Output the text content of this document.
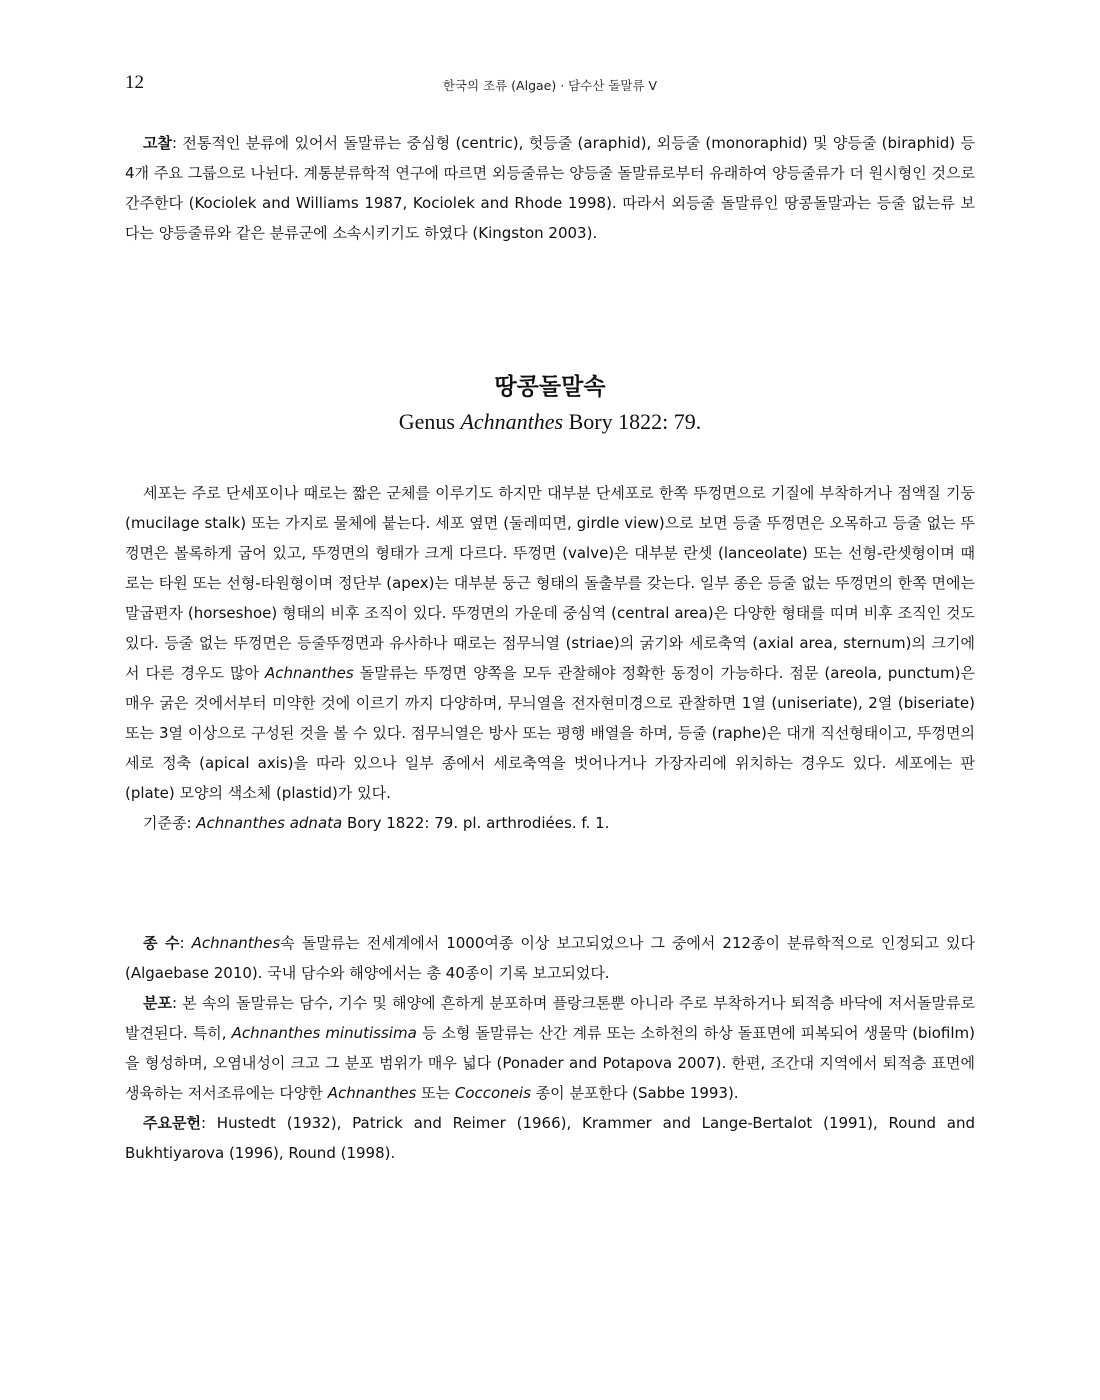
12	한국의 조류 (Algae) · 담수산 돌말류 V

고찰: 전통적인 분류에 있어서 돌말류는 중심형 (centric), 헛등줄 (araphid), 외등줄 (monoraphid) 및 양등줄 (biraphid) 등 4개 주요 그룹으로 나뉜다. 계통분류학적 연구에 따르면 외등줄류는 양등줄 돌말류로부터 유래하여 양등줄류가 더 원시형인 것으로 간주한다 (Kociolek and Williams 1987, Kociolek and Rhode 1998). 따라서 외등줄 돌말류인 땅콩돌말과는 등줄 없는류 보다는 양등줄류와 같은 분류군에 소속시키기도 하였다 (Kingston 2003).

땅콩돌말속
Genus Achnanthes Bory 1822: 79.

세포는 주로 단세포이나 때로는 짧은 군체를 이루기도 하지만 대부분 단세포로 한쪽 뚜껑면으로 기질에 부착하거나 점액질 기둥 (mucilage stalk) 또는 가지로 물체에 붙는다. 세포 옆면 (둘레띠면, girdle view)으로 보면 등줄 뚜껑면은 오목하고 등줄 없는 뚜껑면은 볼록하게 굽어 있고, 뚜껑면의 형태가 크게 다르다. 뚜껑면 (valve)은 대부분 란셋 (lanceolate) 또는 선형-란셋형이며 때로는 타원 또는 선형-타원형이며 정단부 (apex)는 대부분 둥근 형태의 돌출부를 갖는다. 일부 종은 등줄 없는 뚜껑면의 한쪽 면에는 말굽편자 (horseshoe) 형태의 비후 조직이 있다. 뚜껑면의 가운데 중심역 (central area)은 다양한 형태를 띠며 비후 조직인 것도 있다. 등줄 없는 뚜껑면은 등줄뚜껑면과 유사하나 때로는 점무늬열 (striae)의 굵기와 세로축역 (axial area, sternum)의 크기에서 다른 경우도 많아 Achnanthes 돌말류는 뚜껑면 양쪽을 모두 관찰해야 정확한 동정이 가능하다. 점문 (areola, punctum)은 매우 굵은 것에서부터 미약한 것에 이르기 까지 다양하며, 무늬열을 전자현미경으로 관찰하면 1열 (uniseriate), 2열 (biseriate) 또는 3열 이상으로 구성된 것을 볼 수 있다. 점무늬열은 방사 또는 평행 배열을 하며, 등줄 (raphe)은 대개 직선형태이고, 뚜껑면의 세로 정축 (apical axis)을 따라 있으나 일부 종에서 세로축역을 벗어나거나 가장자리에 위치하는 경우도 있다. 세포에는 판 (plate) 모양의 색소체 (plastid)가 있다.

기준종: Achnanthes adnata Bory 1822: 79. pl. arthrodiées. f. 1.

종 수: Achnanthes속 돌말류는 전세계에서 1000여종 이상 보고되었으나 그 중에서 212종이 분류학적으로 인정되고 있다 (Algaebase 2010). 국내 담수와 해양에서는 총 40종이 기록 보고되었다.

분포: 본 속의 돌말류는 담수, 기수 및 해양에 흔하게 분포하며 플랑크톤뿐 아니라 주로 부착하거나 퇴적층 바닥에 저서돌말류로 발견된다. 특히, Achnanthes minutissima 등 소형 돌말류는 산간 계류 또는 소하천의 하상 돌표면에 피복되어 생물막 (biofilm)을 형성하며, 오염내성이 크고 그 분포 범위가 매우 넓다 (Ponader and Potapova 2007). 한편, 조간대 지역에서 퇴적층 표면에 생육하는 저서조류에는 다양한 Achnanthes 또는 Cocconeis 종이 분포한다 (Sabbe 1993).

주요문헌: Hustedt (1932), Patrick and Reimer (1966), Krammer and Lange-Bertalot (1991), Round and Bukhtiyarova (1996), Round (1998).
